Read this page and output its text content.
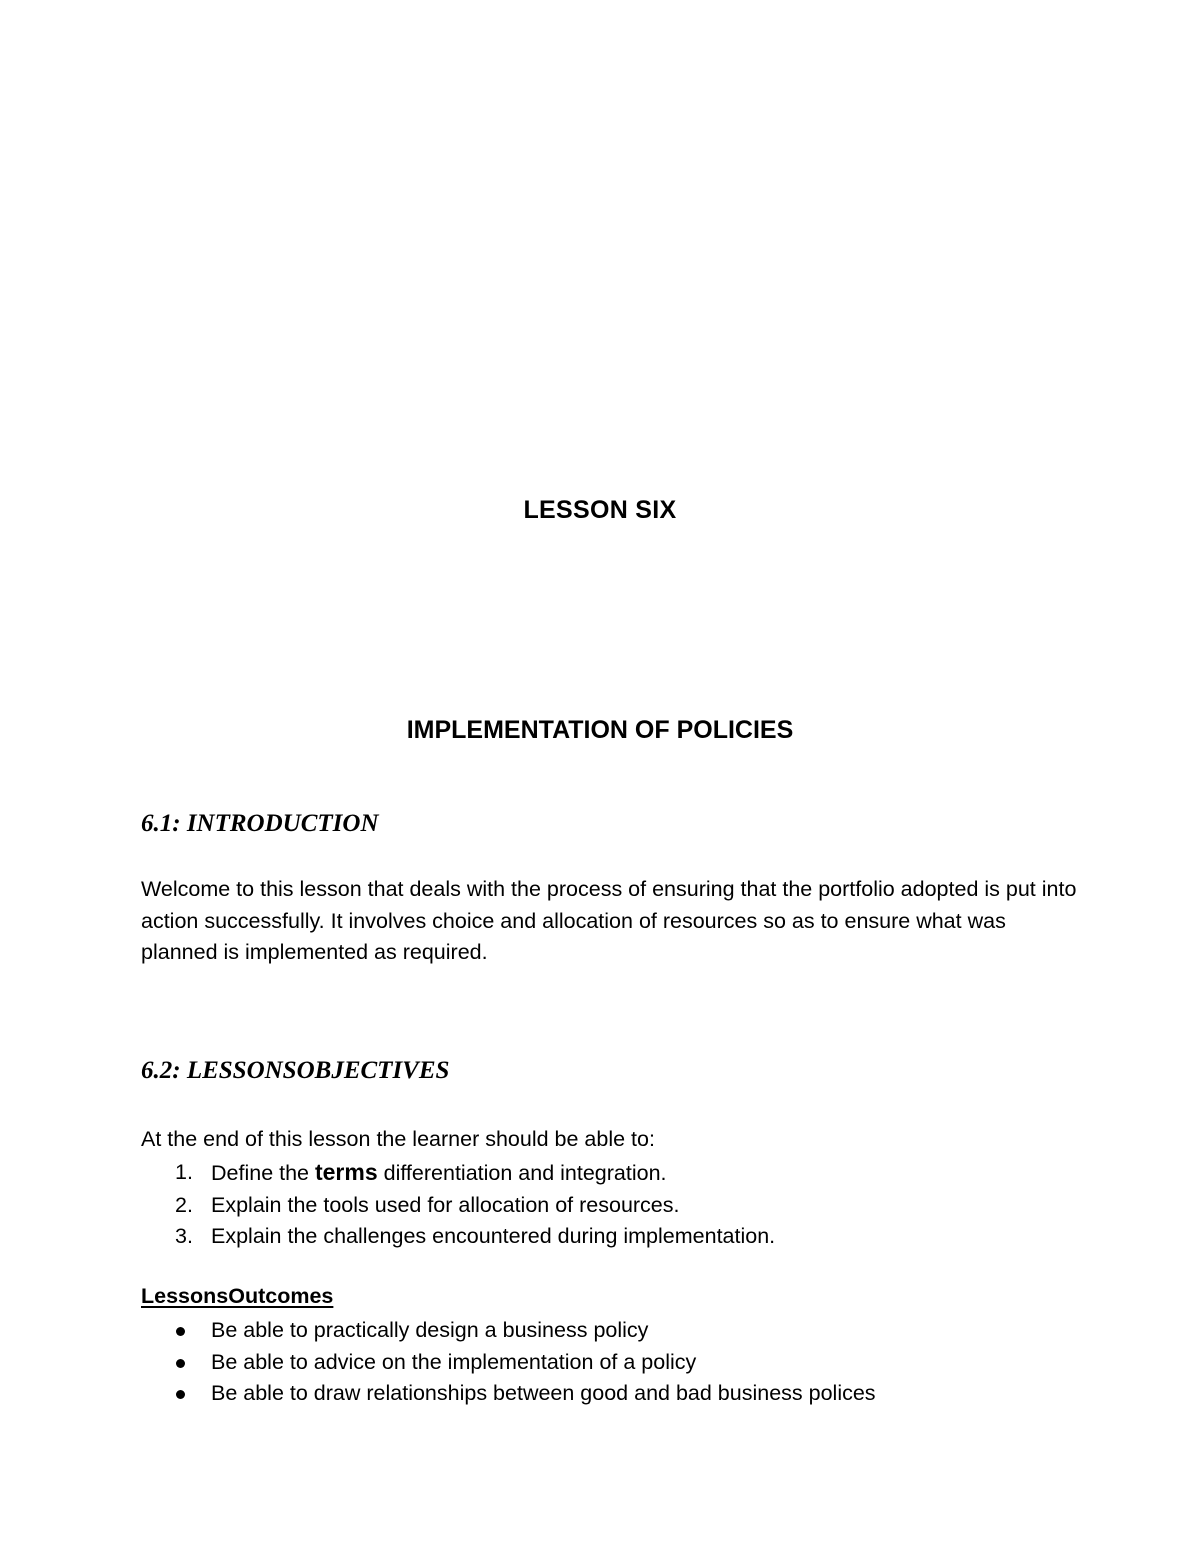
LESSON SIX
IMPLEMENTATION OF POLICIES
6.1: INTRODUCTION
Welcome to this lesson that deals with the process of ensuring that the portfolio adopted is put into action successfully. It involves choice and allocation of resources so as to ensure what was planned is implemented as required.
6.2: LESSONSOBJECTIVES
At the end of this lesson the learner should be able to:
1. Define the terms differentiation and integration.
2. Explain the tools used for allocation of resources.
3. Explain the challenges encountered during implementation.
LessonsOutcomes
Be able to practically design a business policy
Be able to advice on the implementation of a policy
Be able to draw relationships between good and bad business polices
